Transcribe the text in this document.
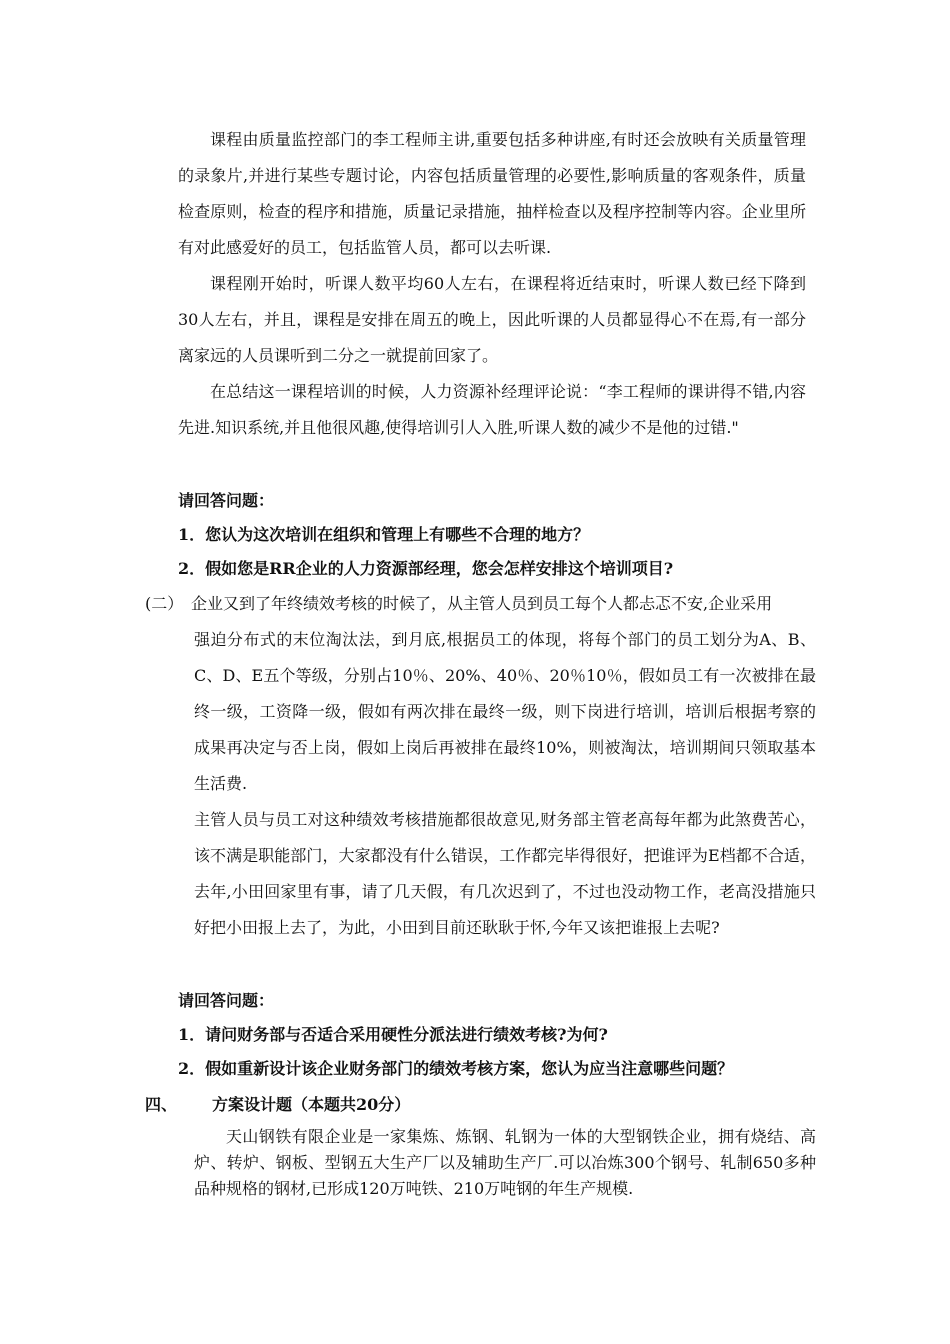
课程由质量监控部门的李工程师主讲,重要包括多种讲座,有时还会放映有关质量管理的录象片,并进行某些专题讨论，内容包括质量管理的必要性,影响质量的客观条件，质量检查原则，检查的程序和措施，质量记录措施，抽样检查以及程序控制等内容。企业里所有对此感爱好的员工，包括监管人员，都可以去听课.

课程刚开始时，听课人数平均60人左右，在课程将近结束时，听课人数已经下降到30人左右，并且，课程是安排在周五的晚上，因此听课的人员都显得心不在焉,有一部分离家远的人员课听到二分之一就提前回家了。

在总结这一课程培训的时候，人力资源补经理评论说：“李工程师的课讲得不错,内容先进.知识系统,并且他很风趣,使得培训引人入胜,听课人数的减少不是他的过错."

请回答问题：

1．您认为这次培训在组织和管理上有哪些不合理的地方？

2．假如您是RR企业的人力资源部经理，您会怎样安排这个培训项目?

(二） 企业又到了年终绩效考核的时候了，从主管人员到员工每个人都忐忑不安,企业采用

强迫分布式的末位淘汰法，到月底,根据员工的体现，将每个部门的员工划分为A、B、C、D、E五个等级，分别占10％、20%、40％、20％10％，假如员工有一次被排在最终一级，工资降一级，假如有两次排在最终一级，则下岗进行培训，培训后根据考察的成果再决定与否上岗，假如上岗后再被排在最终10%，则被淘汰，培训期间只领取基本生活费.

主管人员与员工对这种绩效考核措施都很故意见,财务部主管老高每年都为此煞费苦心，该不满是职能部门，大家都没有什么错误，工作都完毕得很好，把谁评为E档都不合适，去年,小田回家里有事，请了几天假，有几次迟到了，不过也没动物工作，老高没措施只好把小田报上去了，为此，小田到目前还耿耿于怀,今年又该把谁报上去呢?

请回答问题：

1．请问财务部与否适合采用硬性分派法进行绩效考核?为何?

2．假如重新设计该企业财务部门的绩效考核方案，您认为应当注意哪些问题？

四、	方案设计题（本题共20分）

天山钢铁有限企业是一家集炼、炼钢、轧钢为一体的大型钢铁企业，拥有烧结、高炉、转炉、钢板、型钢五大生产厂以及辅助生产厂.可以冶炼300个钢号、轧制650多种品种规格的钢材,已形成120万吨铁、210万吨钢的年生产规模.
